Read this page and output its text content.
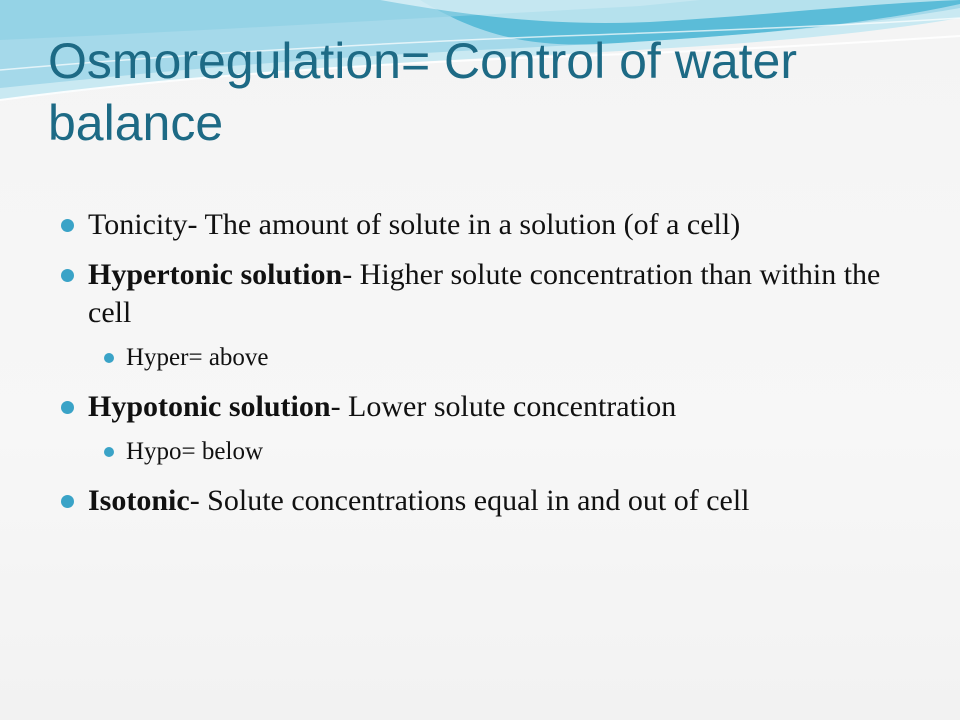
Osmoregulation= Control of water balance
Tonicity- The amount of solute in a solution (of a cell)
Hypertonic solution- Higher solute concentration than within the cell
Hyper= above
Hypotonic solution- Lower solute concentration
Hypo= below
Isotonic- Solute concentrations equal in and out of cell
